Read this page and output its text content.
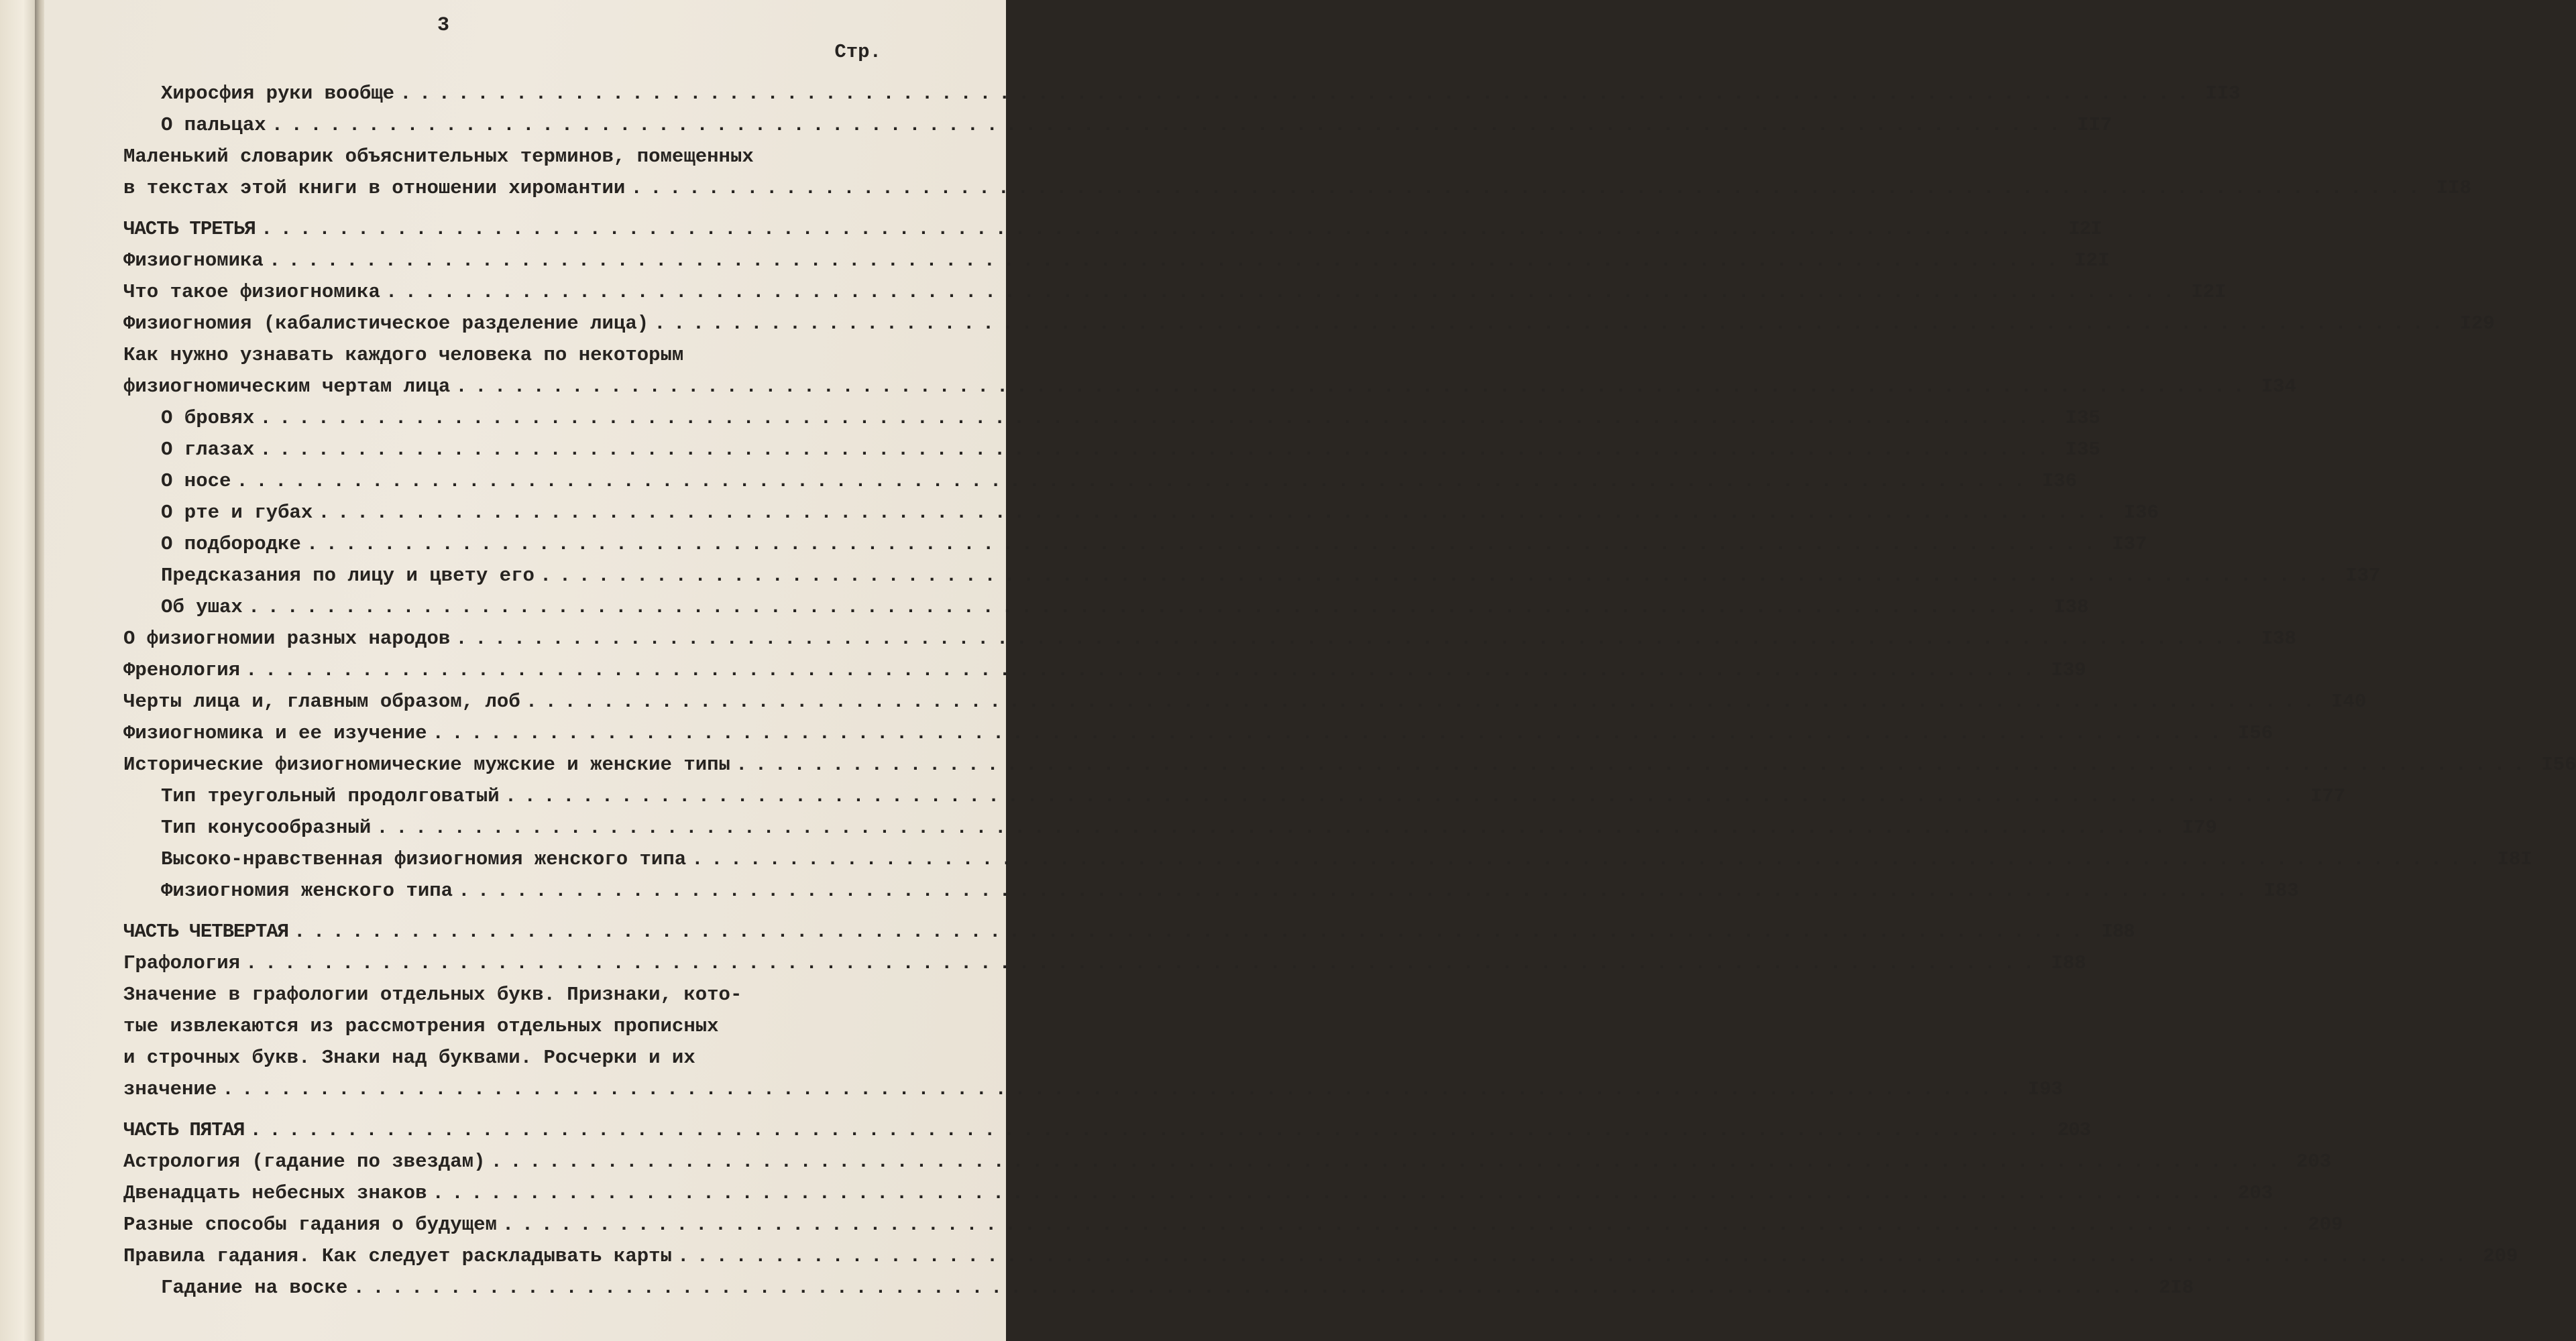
3
Стр.
Хиросфия руки вообще . . .	II3
О пальцах . . .	II7
Маленький словарик объяснительных терминов, помещенных
в текстах этой книги в отношении хиромантии . . .	II8
ЧАСТЬ ТРЕТЬЯ . . .	I2I
Физиогномика . . .	I2I
Что такое физиогномика . . .	I2I
Физиогномия (кабалистическое разделение лица) . . .	I29
Как нужно узнавать каждого человека по некоторым
физиогномическим чертам лица . . .	I34
О бровях . . .	I35
О глазах . . .	I35
О носе . . .	I36
О рте и губах . . .	I36
О подбородке . . .	I37
Предсказания по лицу и цвету его . . .	I37
Об ушах . . .	I38
О физиогномии разных народов . . .	I38
Френология . . .	I39
Черты лица и, главным образом, лоб . . .	I40
Физиогномика и ее изучение . . .	I56
Исторические физиогномические мужские и женские типы . . .	I56
Тип треугольный продолговатый . . .	I77
Тип конусообразный . . .	I79
Высоко-нравственная физиогномия женского типа . . .	I8I
Физиогномия женского типа . . .	I83
ЧАСТЬ ЧЕТВЕРТАЯ . . .	I88
Графология . . .	I88
Значение в графологии отдельных букв. Признаки, кото-
тые извлекаются из рассмотрения отдельных прописных
и строчных букв. Знаки над буквами. Росчерки и их
значение . . .	I93
ЧАСТЬ ПЯТАЯ . . .	203
Астрология (гадание по звездам) . . .	203
Двенадцать небесных знаков . . .	203
Разные способы гадания о будущем . . .	209
Правила гадания. Как следует раскладывать карты . . .	209
Гадание на воске . . .	2I8
